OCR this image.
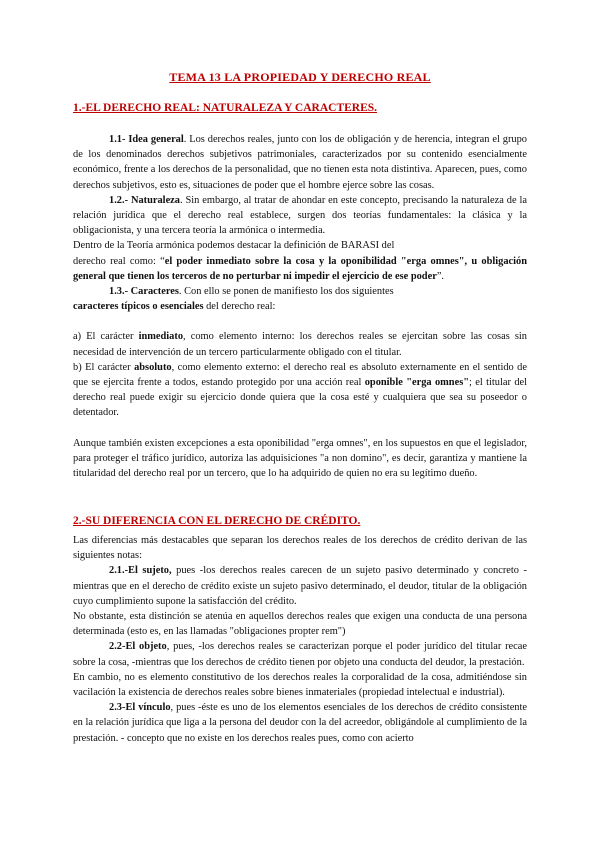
TEMA 13 LA PROPIEDAD Y DERECHO REAL
1.-EL DERECHO REAL: NATURALEZA Y CARACTERES.

1.1- Idea general. Los derechos reales, junto con los de obligación y de herencia, integran el grupo de los denominados derechos subjetivos patrimoniales, caracterizados por su contenido esencialmente económico, frente a los derechos de la personalidad, que no tienen esta nota distintiva. Aparecen, pues, como derechos subjetivos, esto es, situaciones de poder que el hombre ejerce sobre las cosas.

1.2.- Naturaleza. Sin embargo, al tratar de ahondar en este concepto, precisando la naturaleza de la relación jurídica que el derecho real establece, surgen dos teorías fundamentales: la clásica y la obligacionista, y una tercera teoría la armónica o intermedia.

Dentro de la Teoría armónica podemos destacar la definición de BARASI del

derecho real como: “el poder inmediato sobre la cosa y la oponibilidad "erga omnes", u obligación general que tienen los terceros de no perturbar ni impedir el ejercicio de ese poder”.

1.3.- Caracteres. Con ello se ponen de manifiesto los dos siguientes
caracteres típicos o esenciales del derecho real:

a) El carácter inmediato, como elemento interno: los derechos reales se ejercitan sobre las cosas sin necesidad de intervención de un tercero particularmente obligado con el titular.

b) El carácter absoluto, como elemento externo: el derecho real es absoluto externamente en el sentido de que se ejercita frente a todos, estando protegido por una acción real oponible "erga omnes"; el titular del derecho real puede exigir su ejercicio donde quiera que la cosa esté y cualquiera que sea su poseedor o detentador.

Aunque también existen excepciones a esta oponibilidad "erga omnes", en los supuestos en que el legislador, para proteger el tráfico jurídico, autoriza las adquisiciones "a non domino", es decir, garantiza y mantiene la titularidad del derecho real por un tercero, que lo ha adquirido de quien no era su legítimo dueño.

2.-SU DIFERENCIA CON EL DERECHO DE CRÉDITO.

Las diferencias más destacables que separan los derechos reales de los derechos de crédito derivan de las siguientes notas:

2.1.-El sujeto, pues -los derechos reales carecen de un sujeto pasivo determinado y concreto -mientras que en el derecho de crédito existe un sujeto pasivo determinado, el deudor, titular de la obligación cuyo cumplimiento supone la satisfacción del crédito.

No obstante, esta distinción se atenúa en aquellos derechos reales que exigen una conducta de una persona determinada (esto es, en las llamadas "obligaciones propter rem")

2.2-El objeto, pues, -los derechos reales se caracterizan porque el poder jurídico del titular recae sobre la cosa, -mientras que los derechos de crédito tienen por objeto una conducta del deudor, la prestación.

En cambio, no es elemento constitutivo de los derechos reales la corporalidad de la cosa, admitiéndose sin vacilación la existencia de derechos reales sobre bienes inmateriales (propiedad intelectual e industrial).

2.3-El vínculo, pues -éste es uno de los elementos esenciales de los derechos de crédito consistente en la relación jurídica que liga a la persona del deudor con la del acreedor, obligándole al cumplimiento de la prestación. - concepto que no existe en los derechos reales pues, como con acierto
